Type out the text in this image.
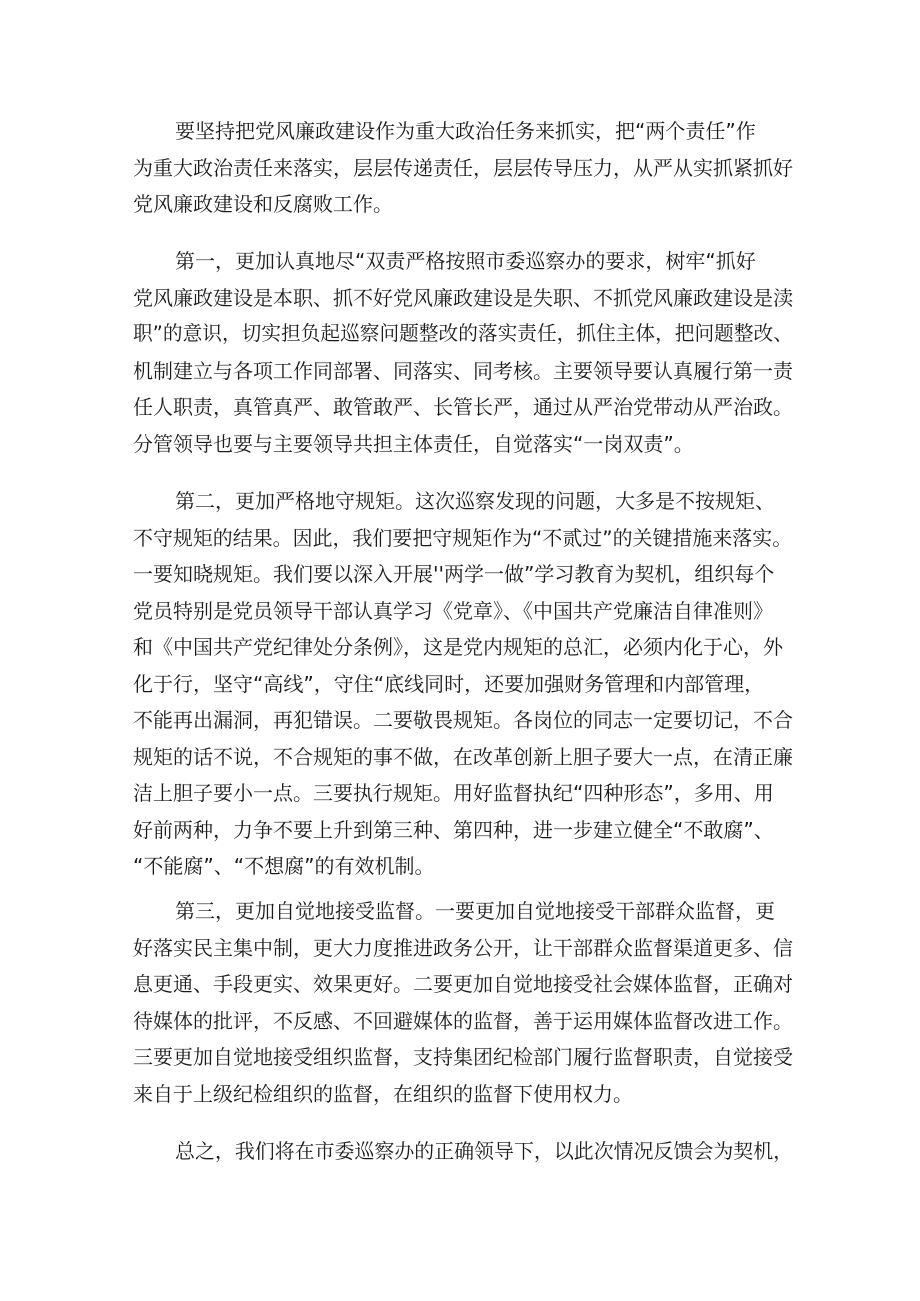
要坚持把党风廉政建设作为重大政治任务来抓实，把“两个责任”作
为重大政治责任来落实，层层传递责任，层层传导压力，从严从实抓紧抓好
党风廉政建设和反腐败工作。
第一，更加认真地尽“双责严格按照市委巡察办的要求，树牢“抓好
党风廉政建设是本职、抓不好党风廉政建设是失职、不抓党风廉政建设是渎
职”的意识，切实担负起巡察问题整改的落实责任，抓住主体，把问题整改、
机制建立与各项工作同部署、同落实、同考核。主要领导要认真履行第一责
任人职责，真管真严、敢管敢严、长管长严，通过从严治党带动从严治政。
分管领导也要与主要领导共担主体责任，自觉落实“一岗双责”。
第二，更加严格地守规矩。这次巡察发现的问题，大多是不按规矩、
不守规矩的结果。因此，我们要把守规矩作为“不贰过”的关键措施来落实。
一要知晓规矩。我们要以深入开展''两学一做”学习教育为契机，组织每个
党员特别是党员领导干部认真学习《党章》、《中国共产党廉洁自律准则》
和《中国共产党纪律处分条例》，这是党内规矩的总汇，必须内化于心，外
化于行，坚守“高线”，守住“底线同时，还要加强财务管理和内部管理，
不能再出漏洞，再犯错误。二要敬畏规矩。各岗位的同志一定要切记，不合
规矩的话不说，不合规矩的事不做，在改革创新上胆子要大一点，在清正廉
洁上胆子要小一点。三要执行规矩。用好监督执纪“四种形态”，多用、用
好前两种，力争不要上升到第三种、第四种，进一步建立健全“不敢腐”、
“不能腐”、“不想腐”的有效机制。
第三，更加自觉地接受监督。一要更加自觉地接受干部群众监督，更
好落实民主集中制，更大力度推进政务公开，让干部群众监督渠道更多、信
息更通、手段更实、效果更好。二要更加自觉地接受社会媒体监督，正确对
待媒体的批评，不反感、不回避媒体的监督，善于运用媒体监督改进工作。
三要更加自觉地接受组织监督，支持集团纪检部门履行监督职责，自觉接受
来自于上级纪检组织的监督，在组织的监督下使用权力。
总之，我们将在市委巡察办的正确领导下，以此次情况反馈会为契机，
